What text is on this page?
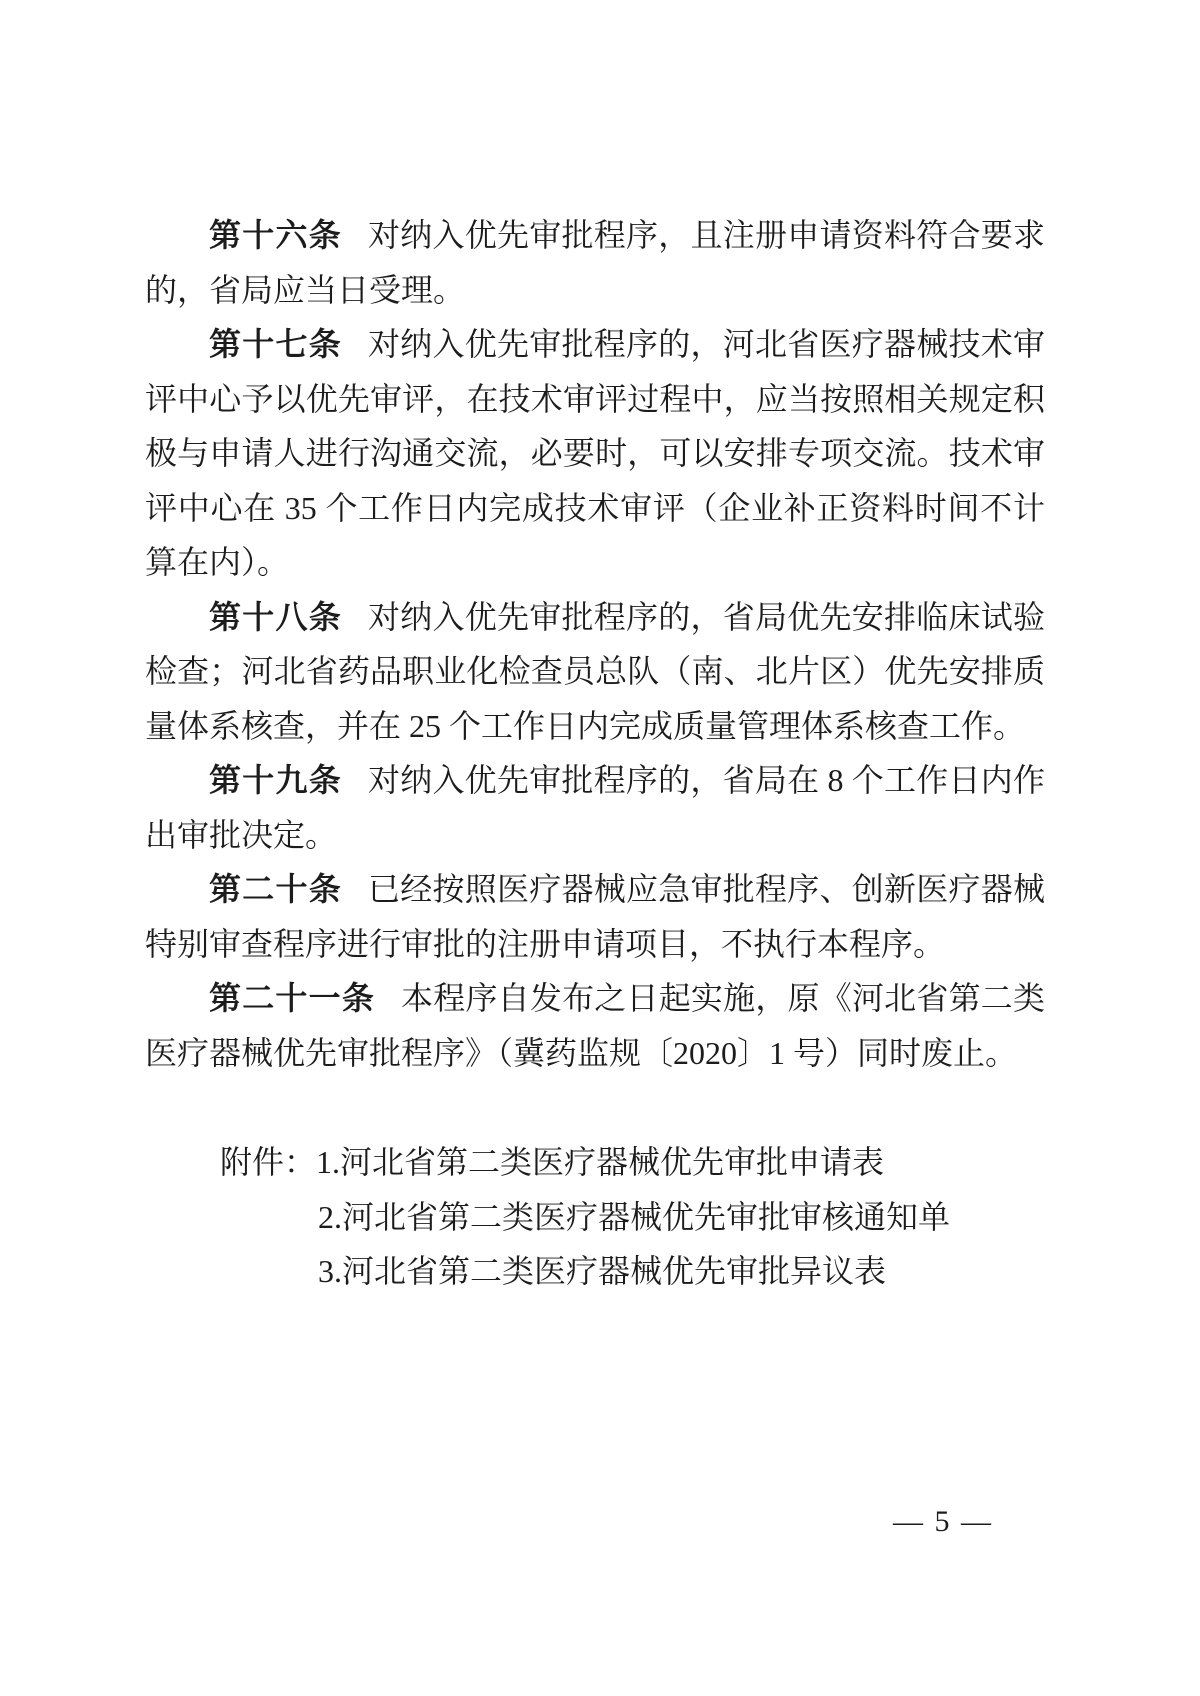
第十六条 对纳入优先审批程序，且注册申请资料符合要求的，省局应当日受理。

第十七条 对纳入优先审批程序的，河北省医疗器械技术审评中心予以优先审评，在技术审评过程中，应当按照相关规定积极与申请人进行沟通交流，必要时，可以安排专项交流。技术审评中心在 35 个工作日内完成技术审评（企业补正资料时间不计算在内）。

第十八条 对纳入优先审批程序的，省局优先安排临床试验检查；河北省药品职业化检查员总队（南、北片区）优先安排质量体系核查，并在 25 个工作日内完成质量管理体系核查工作。

第十九条 对纳入优先审批程序的，省局在 8 个工作日内作出审批决定。

第二十条 已经按照医疗器械应急审批程序、创新医疗器械特别审查程序进行审批的注册申请项目，不执行本程序。

第二十一条 本程序自发布之日起实施，原《河北省第二类医疗器械优先审批程序》（冀药监规〔2020〕1 号）同时废止。

附件：1.河北省第二类医疗器械优先审批申请表
2.河北省第二类医疗器械优先审批审核通知单
3.河北省第二类医疗器械优先审批异议表
— 5 —
